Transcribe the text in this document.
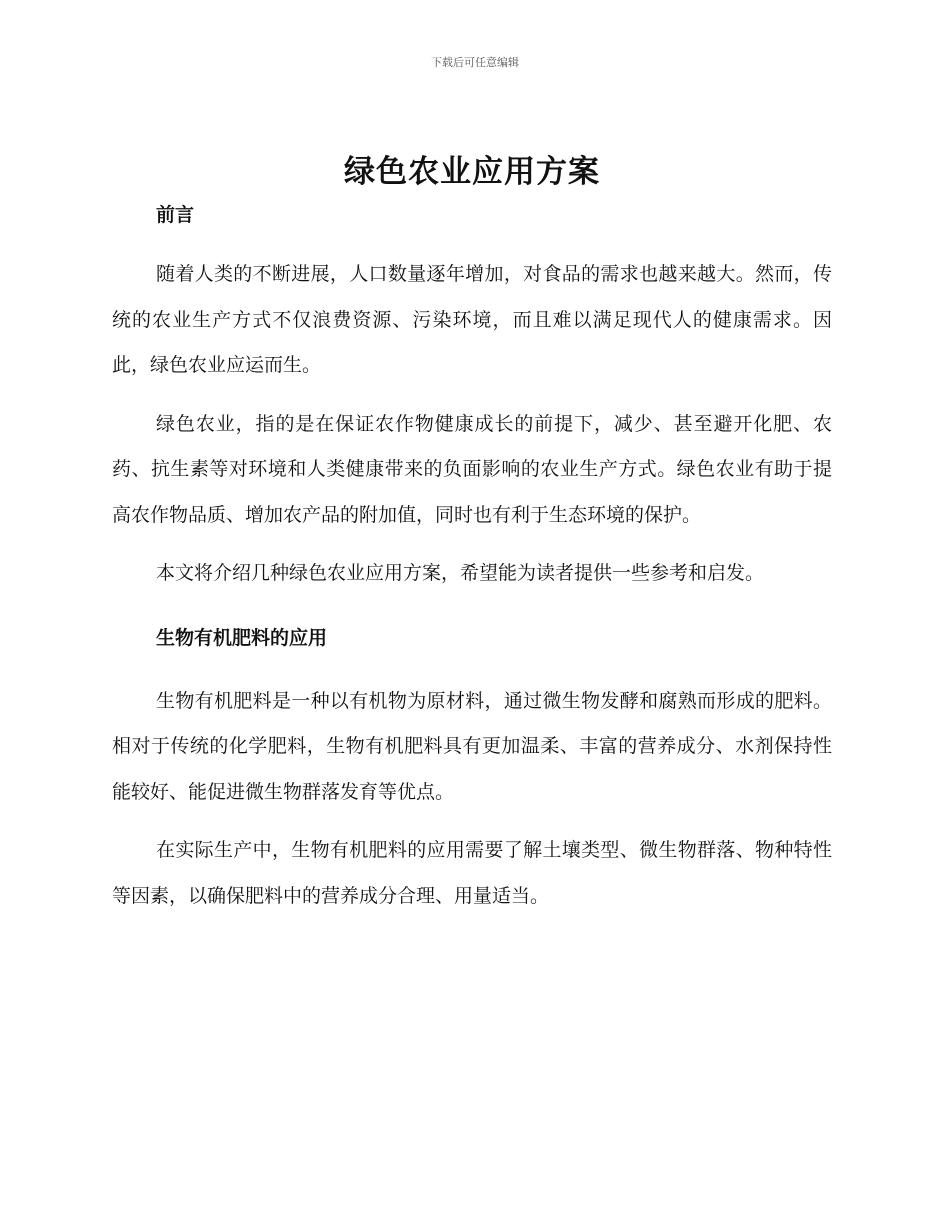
下载后可任意编辑
绿色农业应用方案
前言

随着人类的不断进展，人口数量逐年增加，对食品的需求也越来越大。然而，传统的农业生产方式不仅浪费资源、污染环境，而且难以满足现代人的健康需求。因此，绿色农业应运而生。

绿色农业，指的是在保证农作物健康成长的前提下，减少、甚至避开化肥、农药、抗生素等对环境和人类健康带来的负面影响的农业生产方式。绿色农业有助于提高农作物品质、增加农产品的附加值，同时也有利于生态环境的保护。

本文将介绍几种绿色农业应用方案，希望能为读者提供一些参考和启发。

生物有机肥料的应用

生物有机肥料是一种以有机物为原材料，通过微生物发酵和腐熟而形成的肥料。相对于传统的化学肥料，生物有机肥料具有更加温柔、丰富的营养成分、水剂保持性能较好、能促进微生物群落发育等优点。

在实际生产中，生物有机肥料的应用需要了解土壤类型、微生物群落、物种特性等因素，以确保肥料中的营养成分合理、用量适当。
